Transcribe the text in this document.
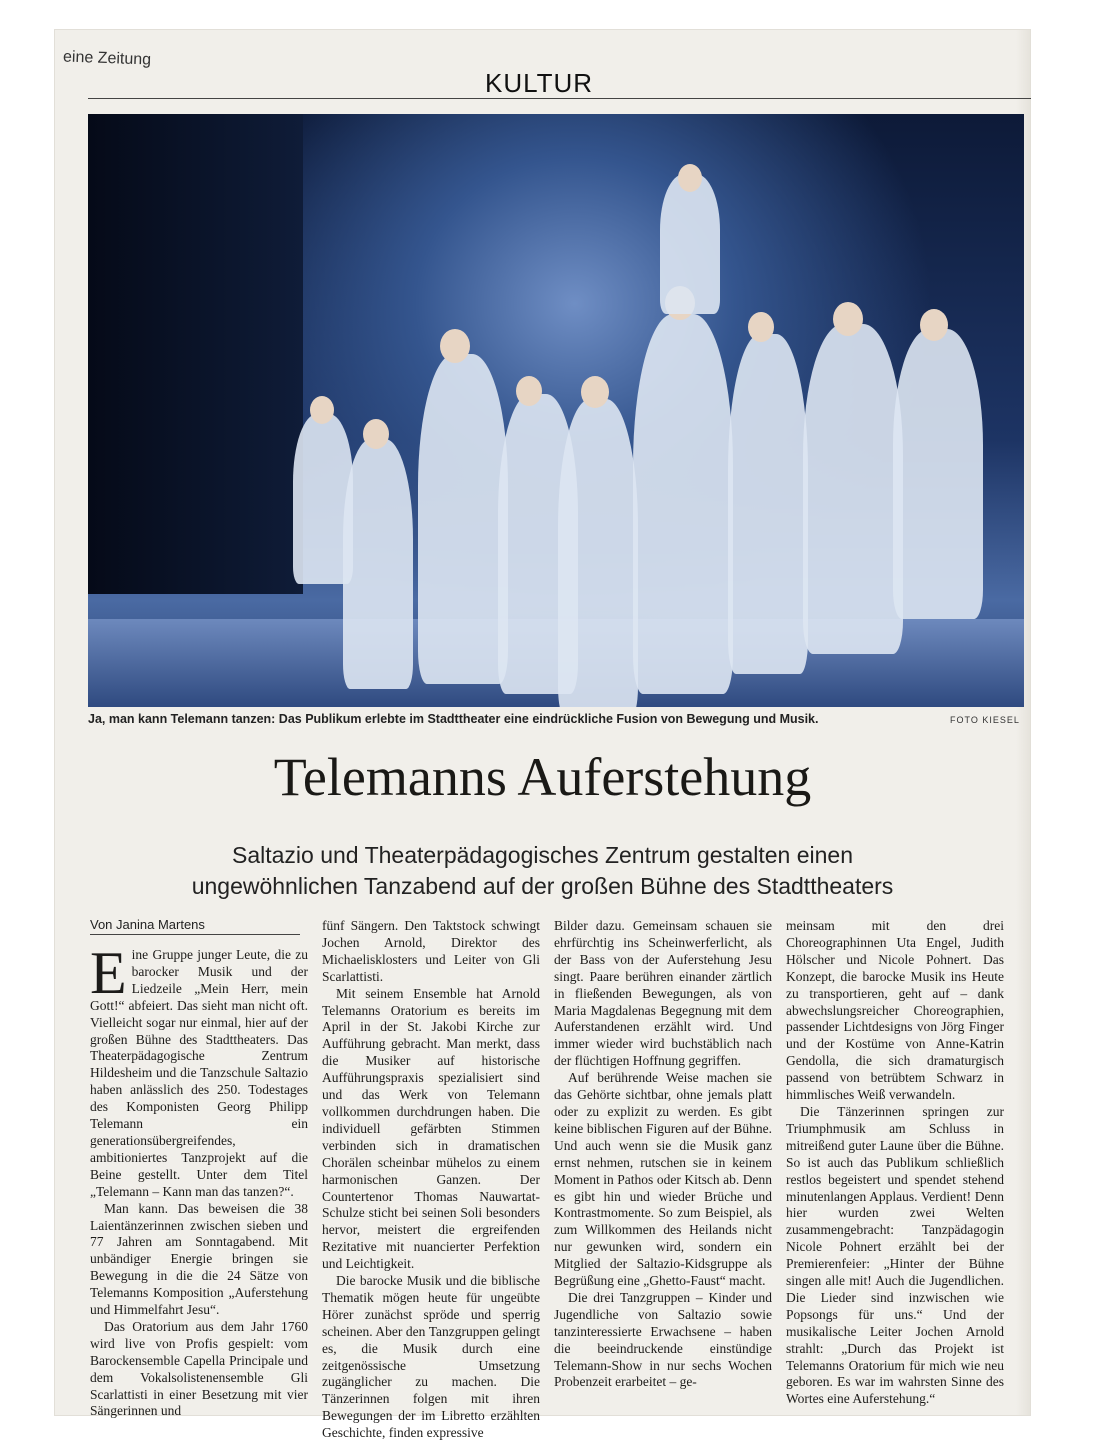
eine Zeitung
KULTUR
Ja, man kann Telemann tanzen: Das Publikum erlebte im Stadttheater eine eindrückliche Fusion von Bewegung und Musik.	FOTO KIESEL
Telemanns Auferstehung
Saltazio und Theaterpädagogisches Zentrum gestalten einen
ungewöhnlichen Tanzabend auf der großen Bühne des Stadttheaters
Von Janina Martens

Eine Gruppe junger Leute, die zu barocker Musik und der Liedzeile „Mein Herr, mein Gott!“ abfeiert. Das sieht man nicht oft. Vielleicht sogar nur einmal, hier auf der großen Bühne des Stadttheaters. Das Theaterpädagogische Zentrum Hildesheim und die Tanzschule Saltazio haben anlässlich des 250. Todestages des Komponisten Georg Philipp Telemann ein generationsübergreifendes, ambitioniertes Tanzprojekt auf die Beine gestellt. Unter dem Titel „Telemann – Kann man das tanzen?“.

Man kann. Das beweisen die 38 Laientänzerinnen zwischen sieben und 77 Jahren am Sonntagabend. Mit unbändiger Energie bringen sie Bewegung in die die 24 Sätze von Telemanns Komposition „Auferstehung und Himmelfahrt Jesu“.

Das Oratorium aus dem Jahr 1760 wird live von Profis gespielt: vom Barockensemble Capella Principale und dem Vokalsolistenensemble Gli Scarlattisti in einer Besetzung mit vier Sängerinnen und

fünf Sängern. Den Taktstock schwingt Jochen Arnold, Direktor des Michaelisklosters und Leiter von Gli Scarlattisti.

Mit seinem Ensemble hat Arnold Telemanns Oratorium es bereits im April in der St. Jakobi Kirche zur Aufführung gebracht. Man merkt, dass die Musiker auf historische Aufführungspraxis spezialisiert sind und das Werk von Telemann vollkommen durchdrungen haben. Die individuell gefärbten Stimmen verbinden sich in dramatischen Chorälen scheinbar mühelos zu einem harmonischen Ganzen. Der Countertenor Thomas Nauwartat-Schulze sticht bei seinen Soli besonders hervor, meistert die ergreifenden Rezitative mit nuancierter Perfektion und Leichtigkeit.

Die barocke Musik und die biblische Thematik mögen heute für ungeübte Hörer zunächst spröde und sperrig scheinen. Aber den Tanzgruppen gelingt es, die Musik durch eine zeitgenössische Umsetzung zugänglicher zu machen. Die Tänzerinnen folgen mit ihren Bewegungen der im Libretto erzählten Geschichte, finden expressive

Bilder dazu. Gemeinsam schauen sie ehrfürchtig ins Scheinwerferlicht, als der Bass von der Auferstehung Jesu singt. Paare berühren einander zärtlich in fließenden Bewegungen, als von Maria Magdalenas Begegnung mit dem Auferstandenen erzählt wird. Und immer wieder wird buchstäblich nach der flüchtigen Hoffnung gegriffen.

Auf berührende Weise machen sie das Gehörte sichtbar, ohne jemals platt oder zu explizit zu werden. Es gibt keine biblischen Figuren auf der Bühne. Und auch wenn sie die Musik ganz ernst nehmen, rutschen sie in keinem Moment in Pathos oder Kitsch ab. Denn es gibt hin und wieder Brüche und Kontrastmomente. So zum Beispiel, als zum Willkommen des Heilands nicht nur gewunken wird, sondern ein Mitglied der Saltazio-Kidsgruppe als Begrüßung eine „Ghetto-Faust“ macht.

Die drei Tanzgruppen – Kinder und Jugendliche von Saltazio sowie tanzinteressierte Erwachsene – haben die beeindruckende einstündige Telemann-Show in nur sechs Wochen Probenzeit erarbeitet – ge-

meinsam mit den drei Choreographinnen Uta Engel, Judith Hölscher und Nicole Pohnert. Das Konzept, die barocke Musik ins Heute zu transportieren, geht auf – dank abwechslungsreicher Choreographien, passender Lichtdesigns von Jörg Finger und der Kostüme von Anne-Katrin Gendolla, die sich dramaturgisch passend von betrübtem Schwarz in himmlisches Weiß verwandeln.

Die Tänzerinnen springen zur Triumphmusik am Schluss in mitreißend guter Laune über die Bühne. So ist auch das Publikum schließlich restlos begeistert und spendet stehend minutenlangen Applaus. Verdient! Denn hier wurden zwei Welten zusammengebracht: Tanzpädagogin Nicole Pohnert erzählt bei der Premierenfeier: „Hinter der Bühne singen alle mit! Auch die Jugendlichen. Die Lieder sind inzwischen wie Popsongs für uns.“ Und der musikalische Leiter Jochen Arnold strahlt: „Durch das Projekt ist Telemanns Oratorium für mich wie neu geboren. Es war im wahrsten Sinne des Wortes eine Auferstehung.“
